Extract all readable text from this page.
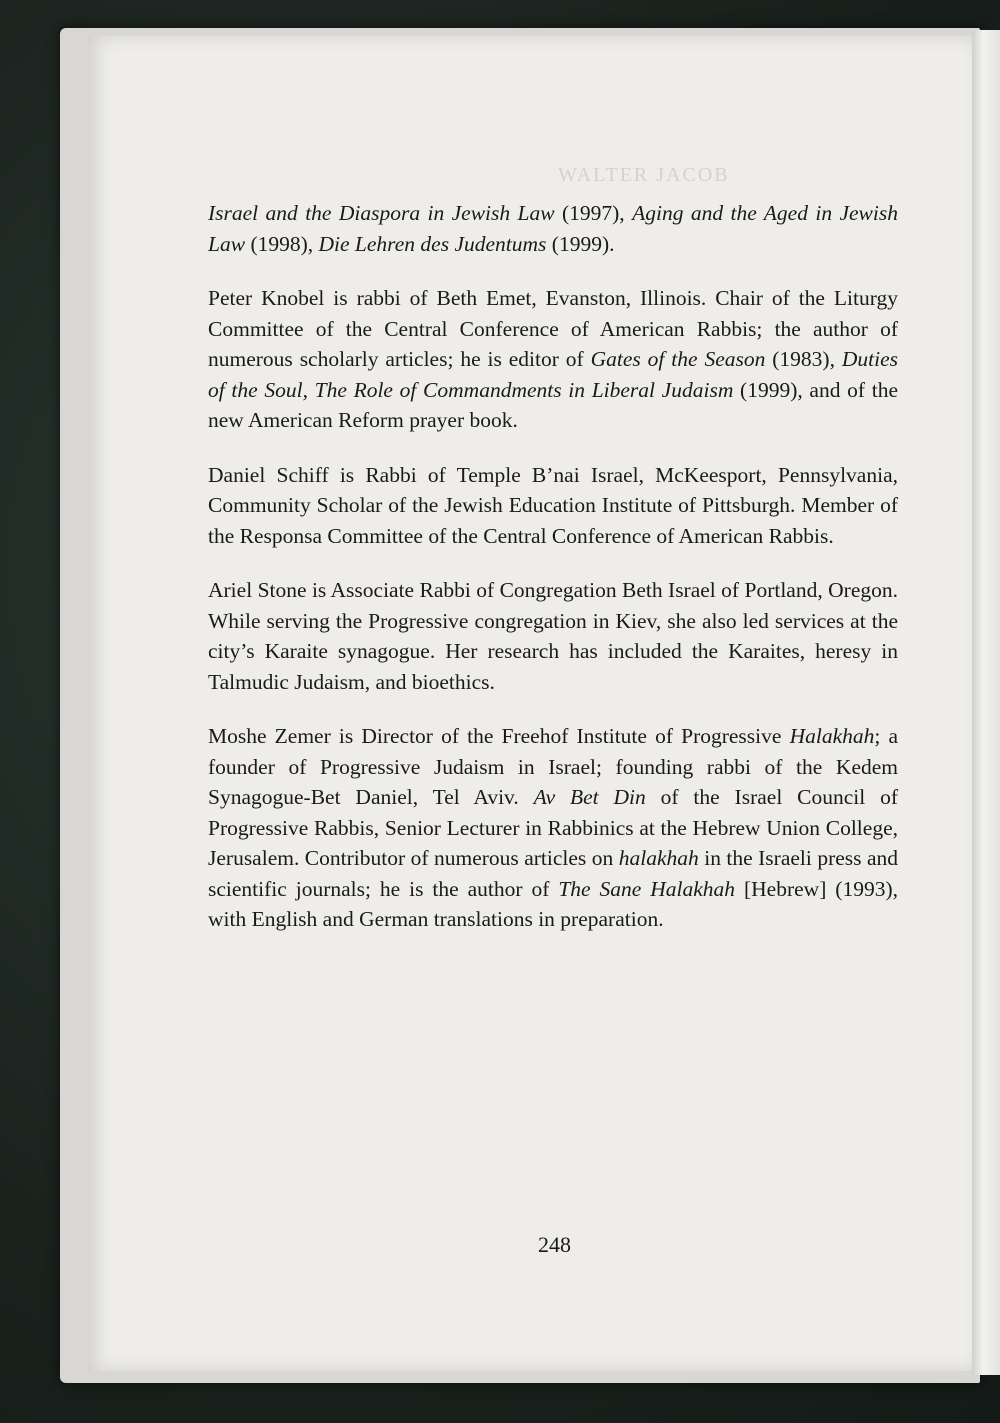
WALTER JACOB

Israel and the Diaspora in Jewish Law (1997), Aging and the Aged in Jewish Law (1998), Die Lehren des Judentums (1999).

Peter Knobel is rabbi of Beth Emet, Evanston, Illinois. Chair of the Liturgy Committee of the Central Conference of American Rabbis; the author of numerous scholarly articles; he is editor of Gates of the Season (1983), Duties of the Soul, The Role of Commandments in Liberal Judaism (1999), and of the new American Reform prayer book.

Daniel Schiff is Rabbi of Temple B’nai Israel, McKeesport, Pennsylvania, Community Scholar of the Jewish Education Institute of Pittsburgh. Member of the Responsa Committee of the Central Conference of American Rabbis.

Ariel Stone is Associate Rabbi of Congregation Beth Israel of Portland, Oregon. While serving the Progressive congregation in Kiev, she also led services at the city’s Karaite synagogue. Her research has included the Karaites, heresy in Talmudic Judaism, and bioethics.

Moshe Zemer is Director of the Freehof Institute of Progressive Halakhah; a founder of Progressive Judaism in Israel; founding rabbi of the Kedem Synagogue-Bet Daniel, Tel Aviv. Av Bet Din of the Israel Council of Progressive Rabbis, Senior Lecturer in Rabbinics at the Hebrew Union College, Jerusalem. Contributor of numerous articles on halakhah in the Israeli press and scientific journals; he is the author of The Sane Halakhah [Hebrew] (1993), with English and German translations in preparation.

248
